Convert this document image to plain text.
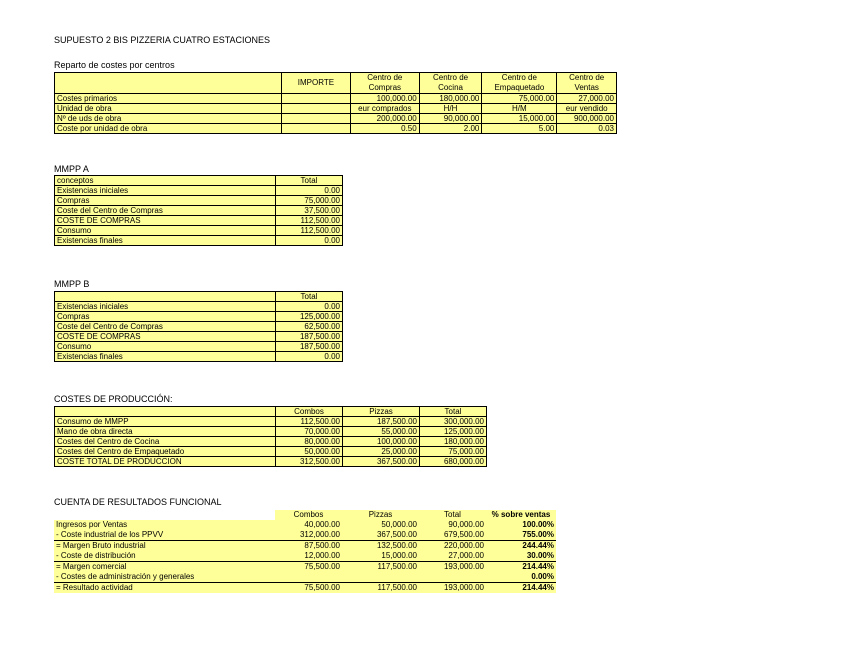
SUPUESTO 2 BIS PIZZERIA CUATRO ESTACIONES
Reparto de costes por centros
	IMPORTE	Centro de Compras	Centro de Cocina	Centro de Empaquetado	Centro de Ventas
Costes primarios		100,000.00	180,000.00	75,000.00	27,000.00
Unidad de obra		eur comprados	H/H	H/M	eur vendido
Nº de uds de obra		200,000.00	90,000.00	15,000.00	900,000.00
Coste por unidad de obra		0.50	2.00	5.00	0.03
MMPP A
conceptos	Total
Existencias iniciales	0.00
Compras	75,000.00
Coste del Centro de Compras	37,500.00
COSTE DE COMPRAS	112,500.00
Consumo	112,500.00
Existencias finales	0.00
MMPP B
	Total
Existencias iniciales	0.00
Compras	125,000.00
Coste del Centro de Compras	62,500.00
COSTE DE COMPRAS	187,500.00
Consumo	187,500.00
Existencias finales	0.00
COSTES DE PRODUCCIÓN:
	Combos	Pizzas	Total
Consumo de MMPP	112,500.00	187,500.00	300,000.00
Mano de obra directa	70,000.00	55,000.00	125,000.00
Costes del Centro de Cocina	80,000.00	100,000.00	180,000.00
Costes del Centro de Empaquetado	50,000.00	25,000.00	75,000.00
COSTE TOTAL DE PRODUCCION	312,500.00	367,500.00	680,000.00
CUENTA DE RESULTADOS FUNCIONAL
	Combos	Pizzas	Total	% sobre ventas
Ingresos por Ventas	40,000.00	50,000.00	90,000.00	100.00%
- Coste industrial de los PPVV	312,000.00	367,500.00	679,500.00	755.00%
= Margen Bruto industrial	87,500.00	132,500.00	220,000.00	244.44%
- Coste de distribución	12,000.00	15,000.00	27,000.00	30.00%
= Margen comercial	75,500.00	117,500.00	193,000.00	214.44%
- Costes de administración y generales				0.00%
= Resultado actividad	75,500.00	117,500.00	193,000.00	214.44%
